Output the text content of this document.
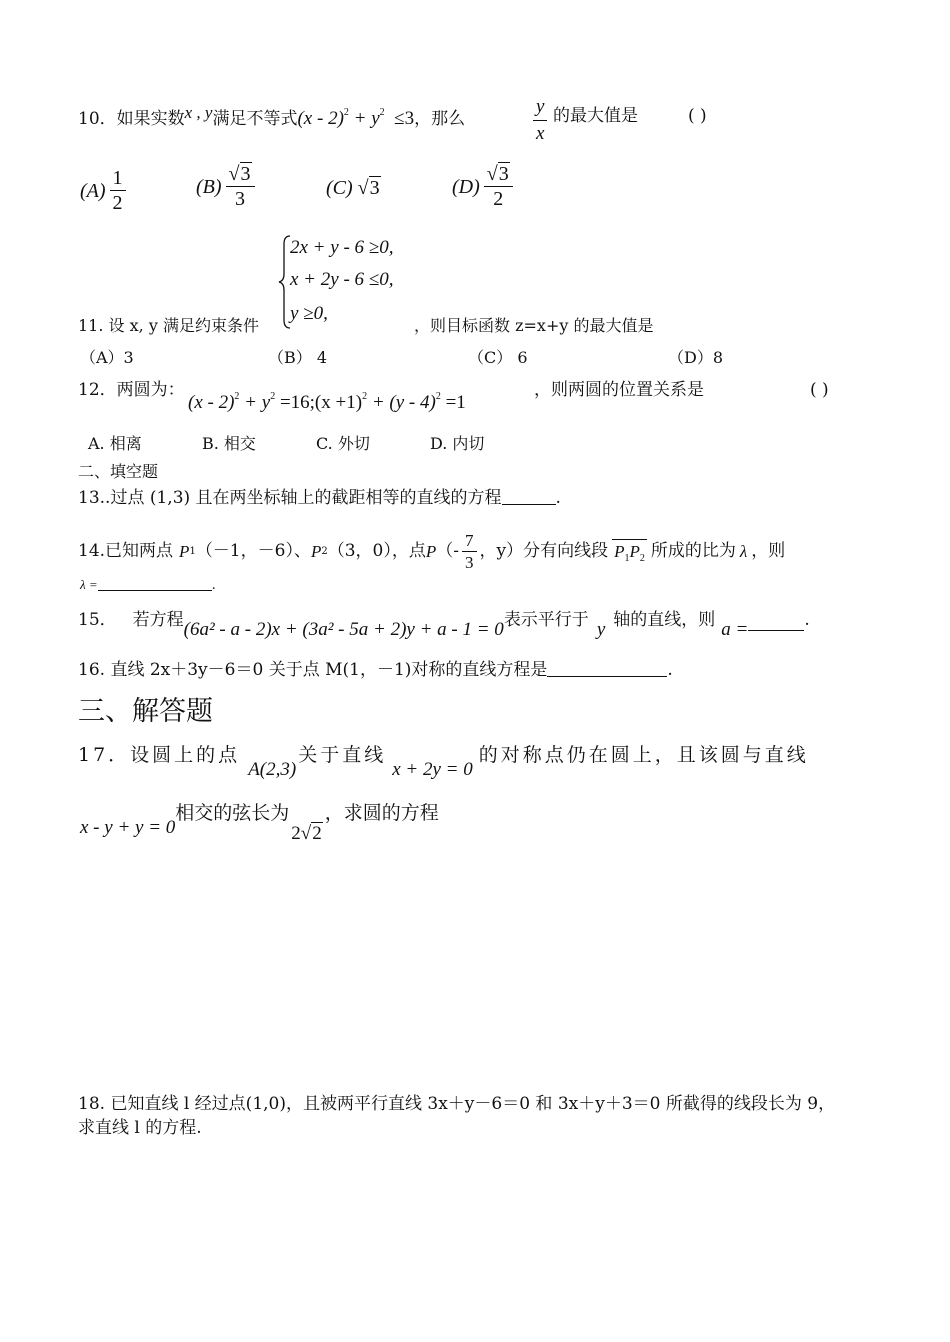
10．如果实数x , y满足不等式$(x - 2)^2 + y^2 \le 3$，那么	$\frac{y}{x}$ 的最大值是	( )
$(A) \frac{1}{2}$	$(B) \frac{√3}{3}$	(C) √3	$(D) \frac{√3}{2}$
2x + y - 6 ≥0,
x + 2y - 6 ≤0,
y ≥0,
11. 设 x, y 满足约束条件	，则目标函数 z=x+y 的最大值是
（A）3	（B） 4	（C） 6	（D）8
12．两圆为：
$(x - 2)^2 + y^2$ =16;(x +1)$^2$ + (y - 4)$^2$ =1
，则两圆的位置关系是	( )
A. 相离	B. 相交	C. 外切	D. 内切
二、填空题
13..过点 (1,3) 且在两坐标轴上的截距相等的直线的方程	.
14.已知两点 P 1 （－1，－6）、 P 2 （3，0），点 P （- $\frac{7}{3}$ ，y）分有向线段 $P_1P_2$ 所成的比为 λ ，则
λ =	.
15． 若方程 (6a² - a - 2)x + (3a² - 5a + 2)y + a - 1 = 0 表示平行于 y 轴的直线，则 a =	.
16. 直线 2x＋3y－6＝0 关于点 M(1，－1)对称的直线方程是	.
三、解答题
17．设圆上的点
A(2,3)
关于直线
x + 2y = 0
的对称点仍在圆上，且该圆与直线
x - y + y = 0
相交的弦长为
2√2
，求圆的方程
18. 已知直线 l 经过点(1,0)，且被两平行直线 3x＋y－6＝0 和 3x＋y＋3＝0 所截得的线段长为 9，
求直线 l 的方程.
